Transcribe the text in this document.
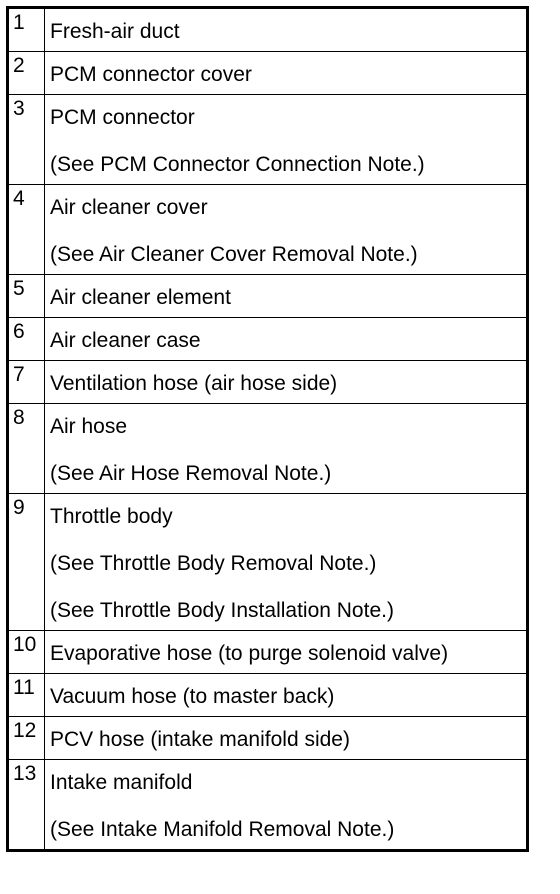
1	Fresh-air duct

2	PCM connector cover

3	PCM connector
(See PCM Connector Connection Note.)

4	Air cleaner cover
(See Air Cleaner Cover Removal Note.)

5	Air cleaner element

6	Air cleaner case

7	Ventilation hose (air hose side)

8	Air hose
(See Air Hose Removal Note.)

9	Throttle body
(See Throttle Body Removal Note.)
(See Throttle Body Installation Note.)

10	Evaporative hose (to purge solenoid valve)

11	Vacuum hose (to master back)

12	PCV hose (intake manifold side)

13	Intake manifold
(See Intake Manifold Removal Note.)
